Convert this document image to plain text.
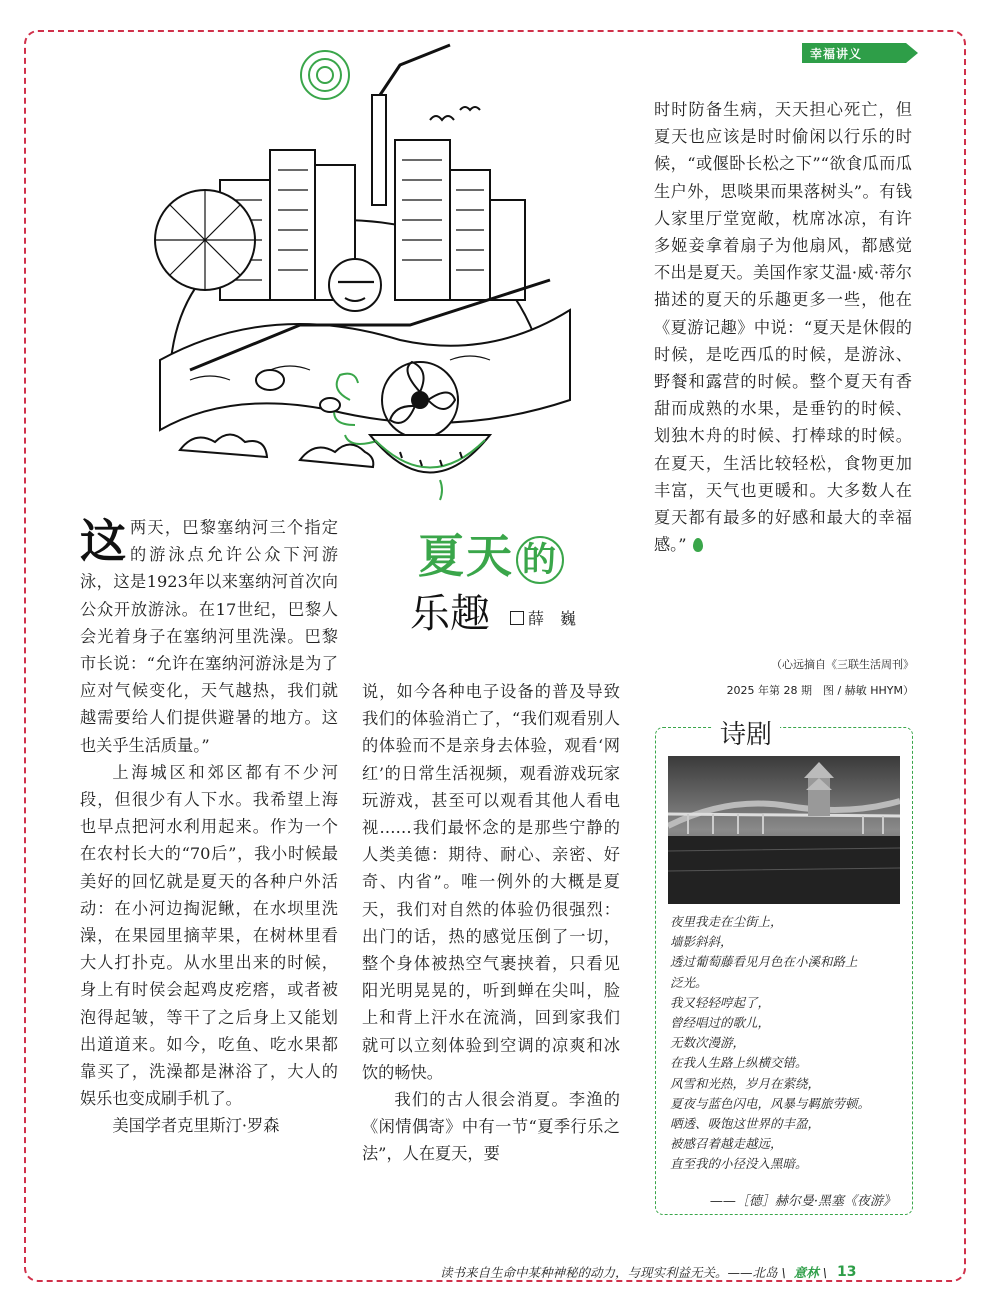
幸福讲义
夏天 的
乐趣	薛　巍

这两天，巴黎塞纳河三个指定的游泳点允许公众下河游泳，这是1923年以来塞纳河首次向公众开放游泳。在17世纪，巴黎人会光着身子在塞纳河里洗澡。巴黎市长说：“允许在塞纳河游泳是为了应对气候变化，天气越热，我们就越需要给人们提供避暑的地方。这也关乎生活质量。”

上海城区和郊区都有不少河段，但很少有人下水。我希望上海也早点把河水利用起来。作为一个在农村长大的“70后”，我小时候最美好的回忆就是夏天的各种户外活动：在小河边掏泥鳅，在水坝里洗澡，在果园里摘苹果，在树林里看大人打扑克。从水里出来的时候，身上有时侯会起鸡皮疙瘩，或者被泡得起皱，等干了之后身上又能划出道道来。如今，吃鱼、吃水果都靠买了，洗澡都是淋浴了，大人的娱乐也变成刷手机了。

美国学者克里斯汀·罗森

说，如今各种电子设备的普及导致我们的体验消亡了，“我们观看别人的体验而不是亲身去体验，观看‘网红’的日常生活视频，观看游戏玩家玩游戏，甚至可以观看其他人看电视……我们最怀念的是那些宁静的人类美德：期待、耐心、亲密、好奇、内省”。唯一例外的大概是夏天，我们对自然的体验仍很强烈：出门的话，热的感觉压倒了一切，整个身体被热空气裹挟着，只看见阳光明晃晃的，听到蝉在尖叫，脸上和背上汗水在流淌，回到家我们就可以立刻体验到空调的凉爽和冰饮的畅快。

我们的古人很会消夏。李渔的《闲情偶寄》中有一节“夏季行乐之法”，人在夏天，要

时时防备生病，天天担心死亡，但夏天也应该是时时偷闲以行乐的时候，“或偃卧长松之下”“欲食瓜而瓜生户外，思啖果而果落树头”。有钱人家里厅堂宽敞，枕席冰凉，有许多姬妾拿着扇子为他扇风，都感觉不出是夏天。美国作家艾温·威·蒂尔描述的夏天的乐趣更多一些，他在《夏游记趣》中说：“夏天是休假的时候，是吃西瓜的时候，是游泳、野餐和露营的时候。整个夏天有香甜而成熟的水果，是垂钓的时候、划独木舟的时候、打棒球的时候。在夏天，生活比较轻松，食物更加丰富，天气也更暖和。大多数人在夏天都有最多的好感和最大的幸福感。”

（心远摘自《三联生活周刊》
2025 年第 28 期　图 / 赫敏 HHYM）
诗剧
夜里我走在尘街上，
墙影斜斜，
透过葡萄藤看见月色在小溪和路上
泛光。
我又轻轻哼起了，
曾经唱过的歌儿，
无数次漫游，
在我人生路上纵横交错。
风雪和光热，岁月在萦绕，
夏夜与蓝色闪电，风暴与羁旅劳顿。
晒透、吸饱这世界的丰盈，
被感召着越走越远，
直至我的小径没入黑暗。
——［德］赫尔曼·黑塞《夜游》
读书来自生命中某种神秘的动力，与现实利益无关。——北岛 \ 意林 \ 13
